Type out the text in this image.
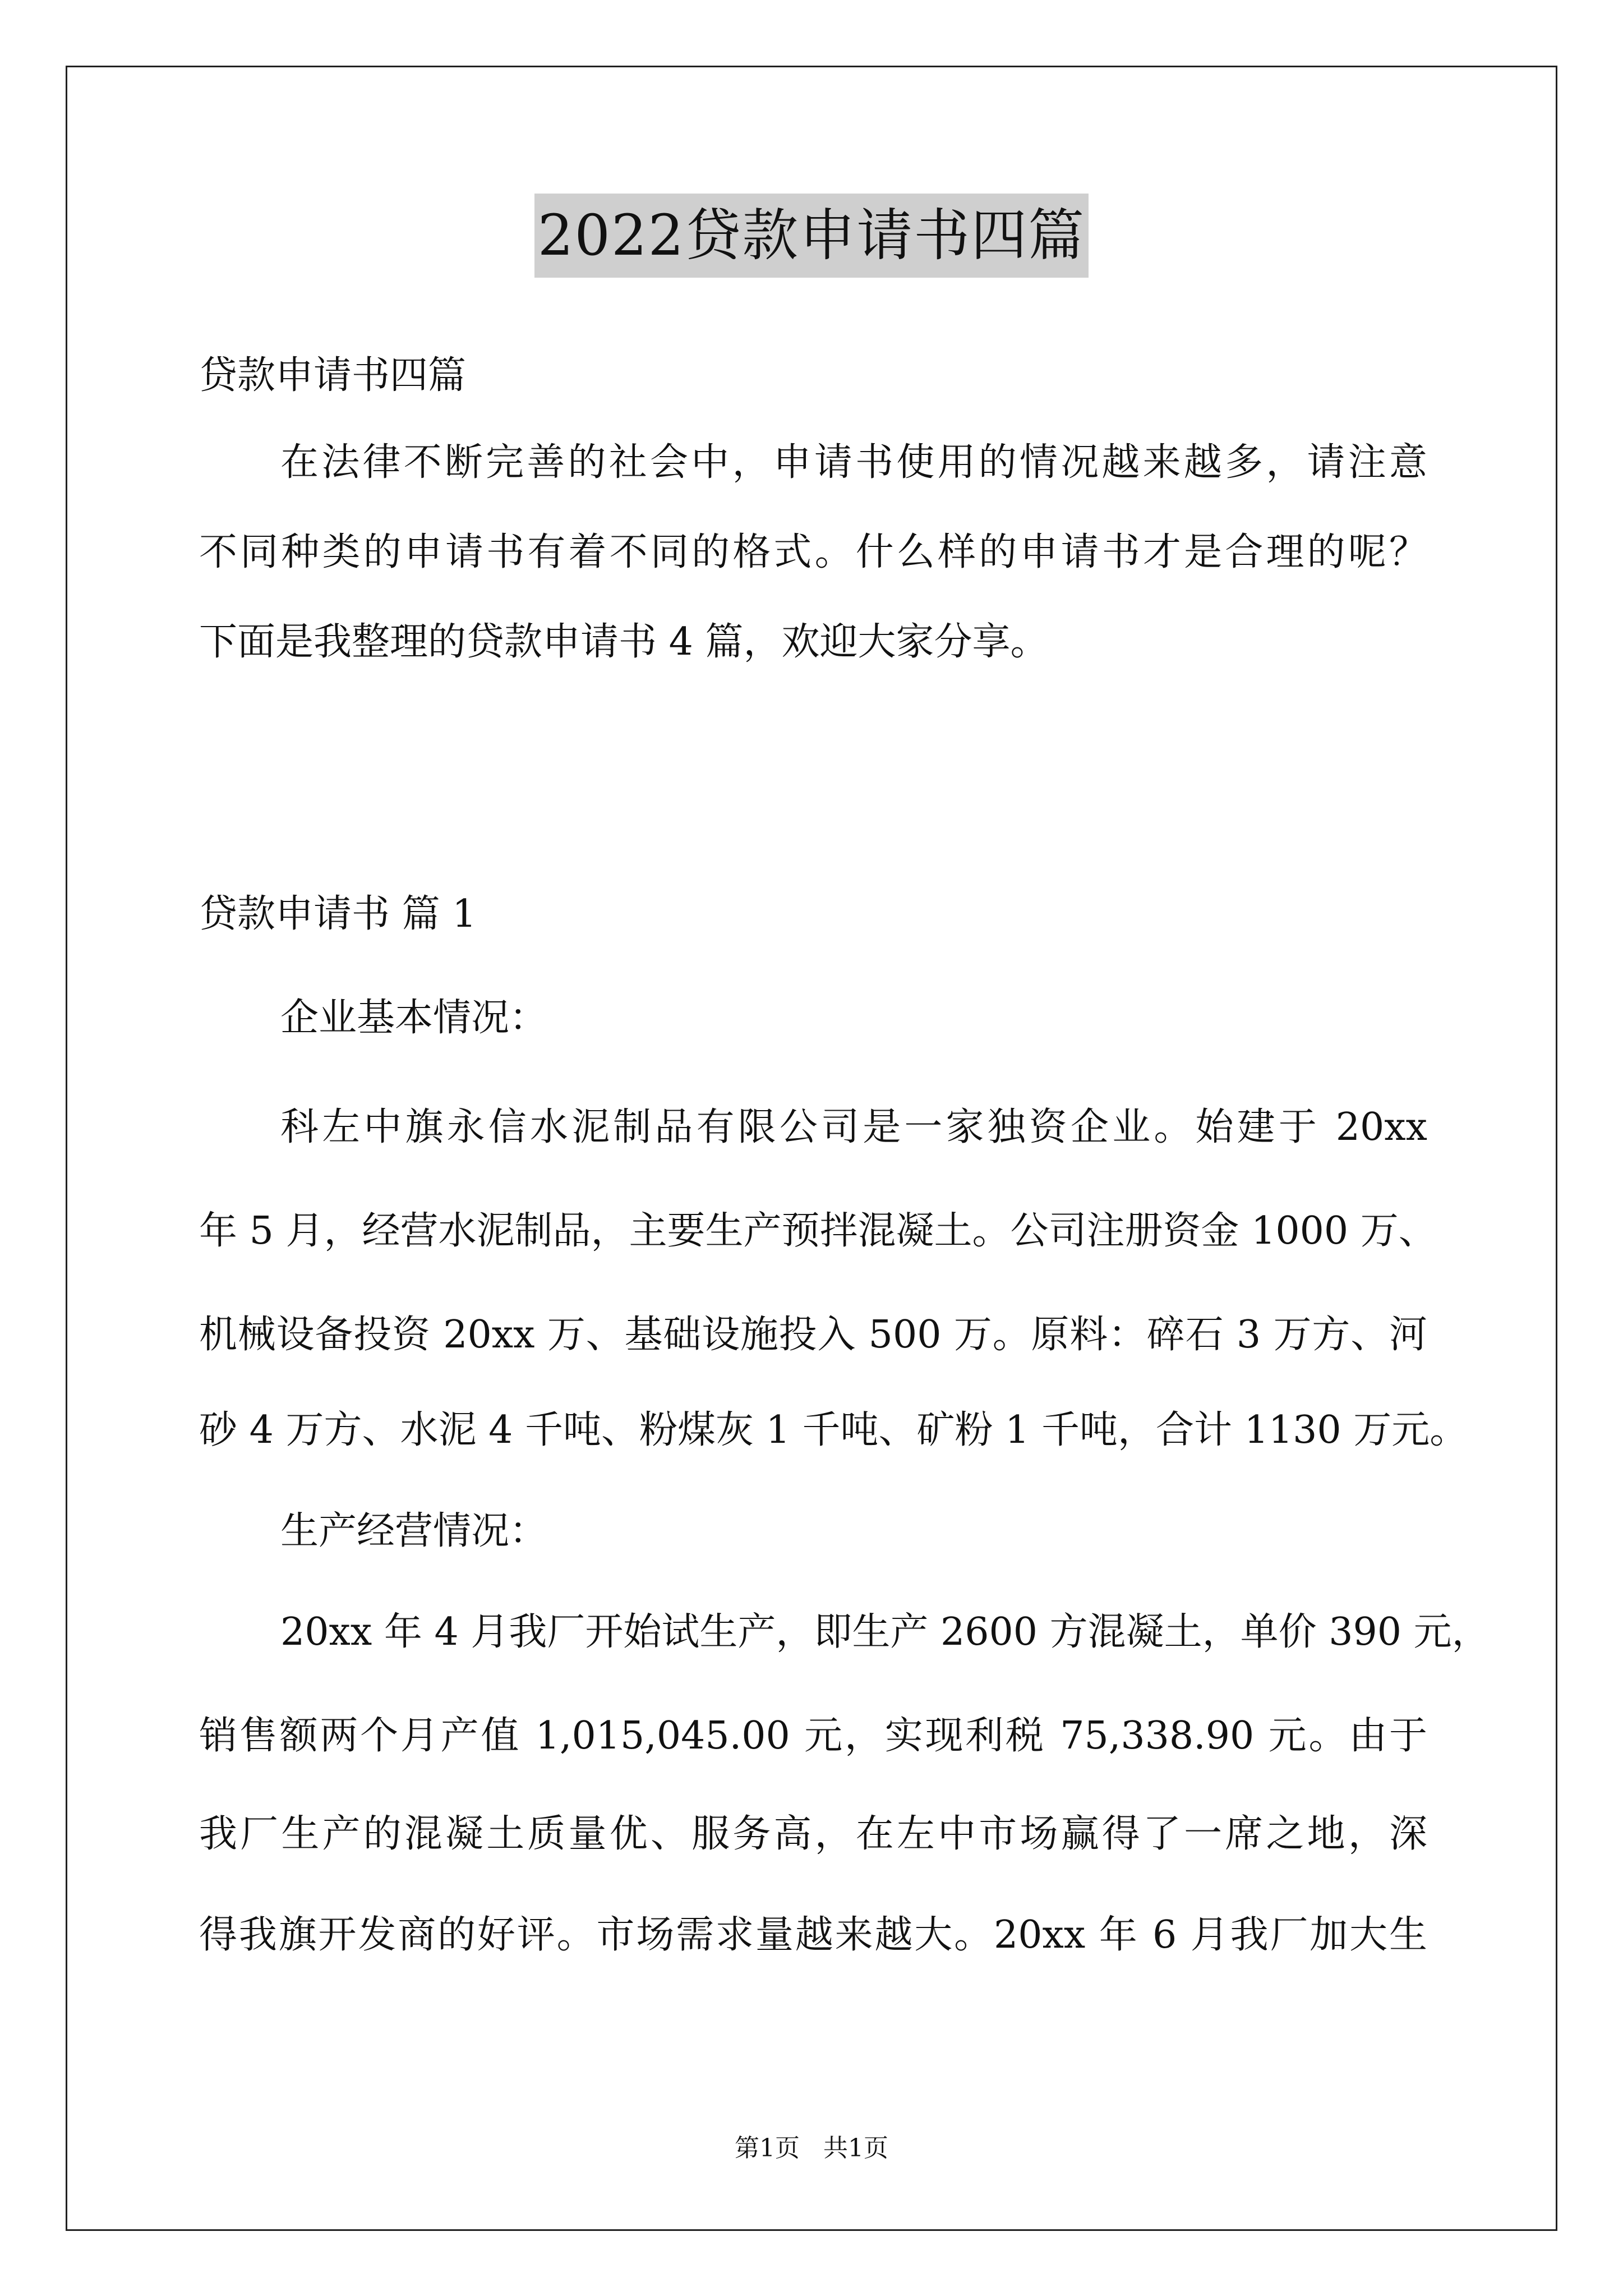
2022贷款申请书四篇
贷款申请书四篇
在法律不断完善的社会中，申请书使用的情况越来越多，请注意
不同种类的申请书有着不同的格式。什么样的申请书才是合理的呢？
下面是我整理的贷款申请书 4 篇，欢迎大家分享。
贷款申请书 篇 1
企业基本情况：
科左中旗永信水泥制品有限公司是一家独资企业。始建于 20xx
年 5 月，经营水泥制品，主要生产预拌混凝土。公司注册资金 1000 万、
机械设备投资 20xx 万、基础设施投入 500 万。原料：碎石 3 万方、河
砂 4 万方、水泥 4 千吨、粉煤灰 1 千吨、矿粉 1 千吨，合计 1130 万元。
生产经营情况：
20xx 年 4 月我厂开始试生产，即生产 2600 方混凝土，单价 390 元，
销售额两个月产值 1,015,045.00 元，实现利税 75,338.90 元。由于
我厂生产的混凝土质量优、服务高，在左中市场赢得了一席之地，深
得我旗开发商的好评。市场需求量越来越大。20xx 年 6 月我厂加大生
第1页 共1页
